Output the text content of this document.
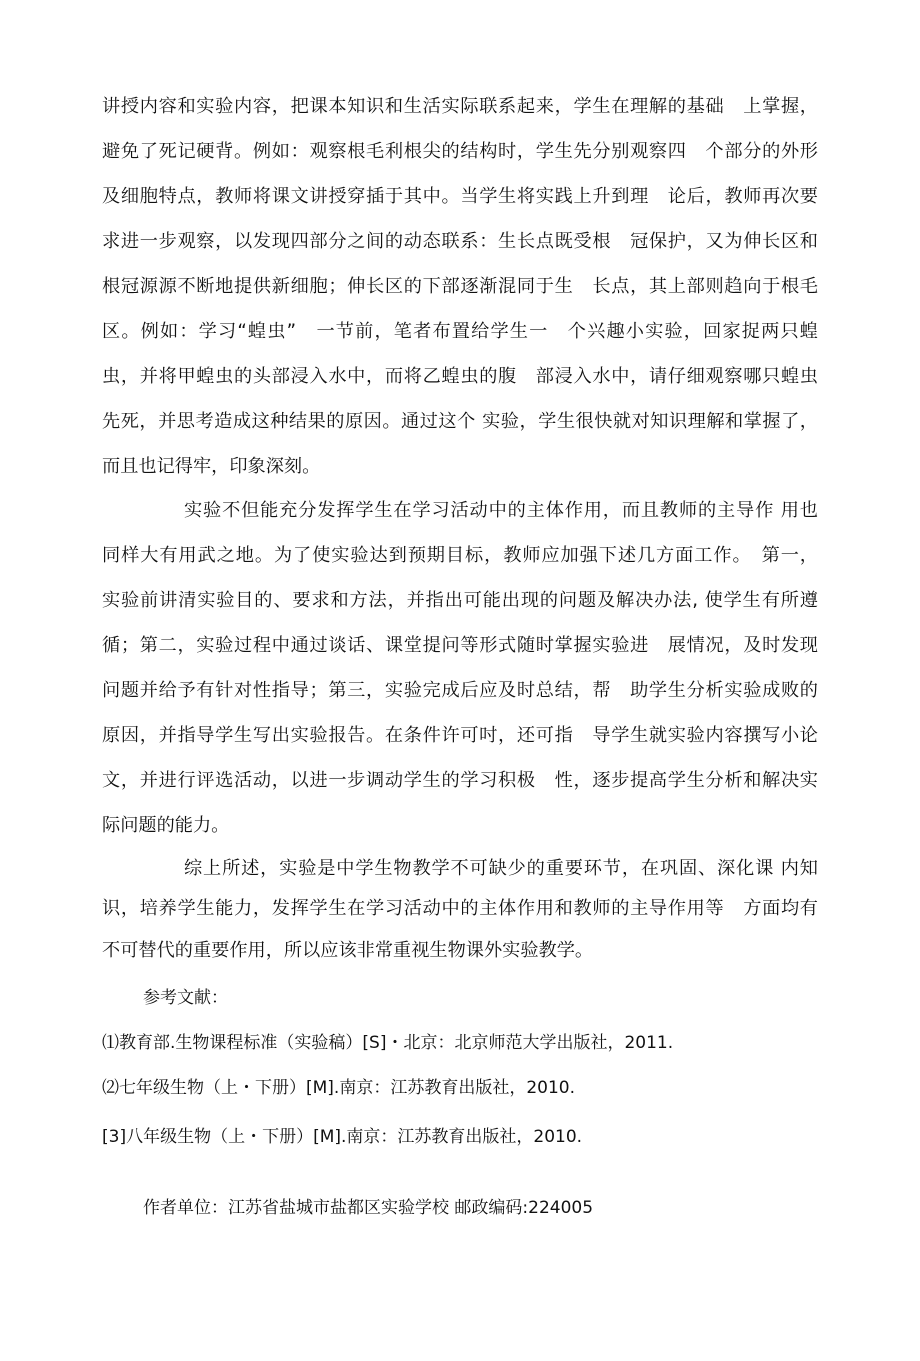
讲授内容和实验内容，把课本知识和生活实际联系起来，学生在理解的基础　上掌握，
避免了死记硬背。例如：观察根毛利根尖的结构时，学生先分别观察四　个部分的外形
及细胞特点，教师将课文讲授穿插于其中。当学生将实践上升到理　论后，教师再次要
求进一步观察，以发现四部分之间的动态联系：生长点既受根　冠保护，又为伸长区和
根冠源源不断地提供新细胞；伸长区的下部逐渐混同于生　长点，其上部则趋向于根毛
区。例如：学习“蝗虫”　一节前，笔者布置给学生一　个兴趣小实验，回家捉两只蝗
虫，并将甲蝗虫的头部浸入水中，而将乙蝗虫的腹　部浸入水中，请仔细观察哪只蝗虫
先死，并思考造成这种结果的原因。通过这个 实验，学生很快就对知识理解和掌握了，
而且也记得牢，印象深刻。
实验不但能充分发挥学生在学习活动中的主体作用，而且教师的主导作 用也
同样大有用武之地。为了使实验达到预期目标，教师应加强下述几方面工作。　第一，
实验前讲清实验目的、要求和方法，并指出可能出现的问题及解决办法, 使学生有所遵
循；第二，实验过程中通过谈话、课堂提问等形式随时掌握实验进　展情况，及时发现
问题并给予有针对性指导；第三，实验完成后应及时总结，帮　助学生分析实验成败的
原因，并指导学生写出实验报告。在条件许可吋，还可指　导学生就实验内容撰写小论
文，并进行评选活动，以进一步调动学生的学习积极　性，逐步提高学生分析和解决实
际问题的能力。
综上所述，实验是中学生物教学不可缺少的重要环节，在巩固、深化课 内知
识，培养学生能力，发挥学生在学习活动中的主体作用和教师的主导作用等　方面均有
不可替代的重要作用，所以应该非常重视生物课外实验教学。
参考文献：
⑴教育部.生物课程标准（实验稿）[S]・北京：北京师范大学出版社，2011.
⑵七年级生物（上・下册）[M].南京：江苏教育出版社，2010.
[3]八年级生物（上・下册）[M].南京：江苏教育出版社，2010.
作者单位：江苏省盐城市盐都区实验学校 邮政编码:224005
